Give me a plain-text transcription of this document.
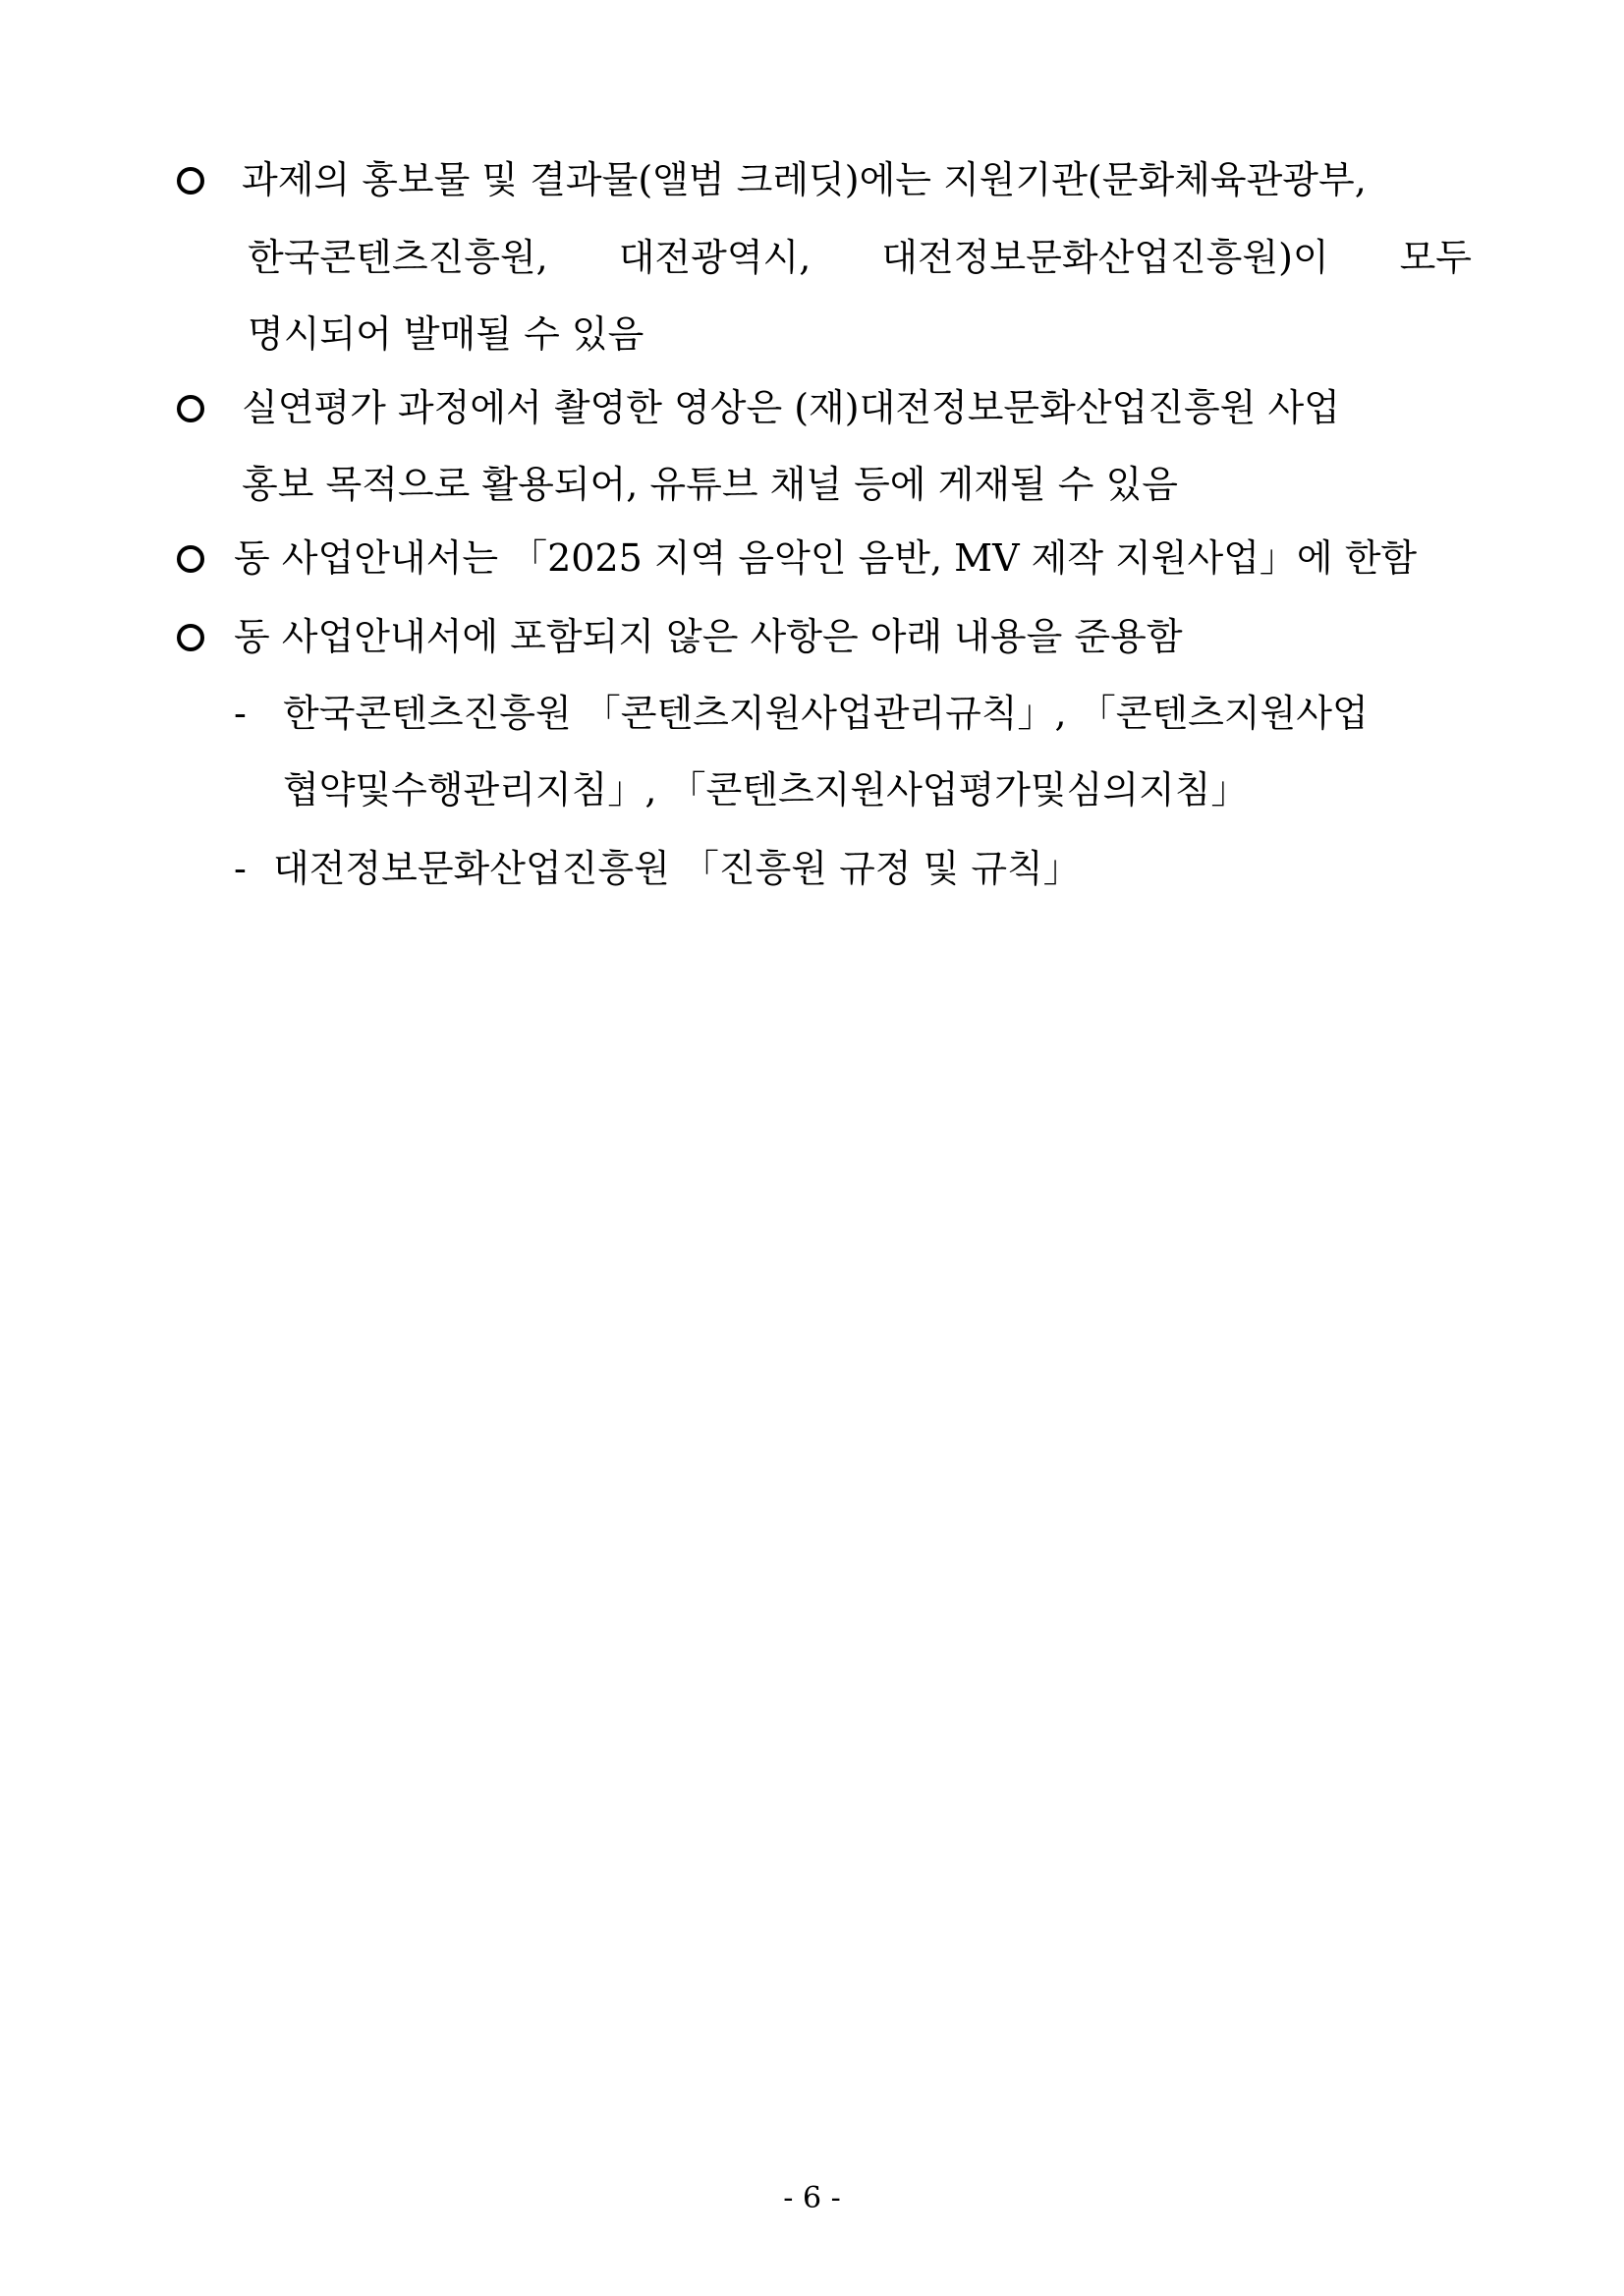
과제의 홍보물 및 결과물(앨범 크레딧)에는 지원기관(문화체육관광부,
한국콘텐츠진흥원, 대전광역시, 대전정보문화산업진흥원)이 모두
명시되어 발매될 수 있음
실연평가 과정에서 촬영한 영상은 (재)대전정보문화산업진흥원 사업
홍보 목적으로 활용되어, 유튜브 채널 등에 게재될 수 있음
동 사업안내서는 「2025 지역 음악인 음반, MV 제작 지원사업」에 한함
동 사업안내서에 포함되지 않은 사항은 아래 내용을 준용함
- 한국콘텐츠진흥원 「콘텐츠지원사업관리규칙」, 「콘텐츠지원사업
협약및수행관리지침」, 「콘텐츠지원사업평가및심의지침」
- 대전정보문화산업진흥원 「진흥원 규정 및 규칙」
- 6 -
